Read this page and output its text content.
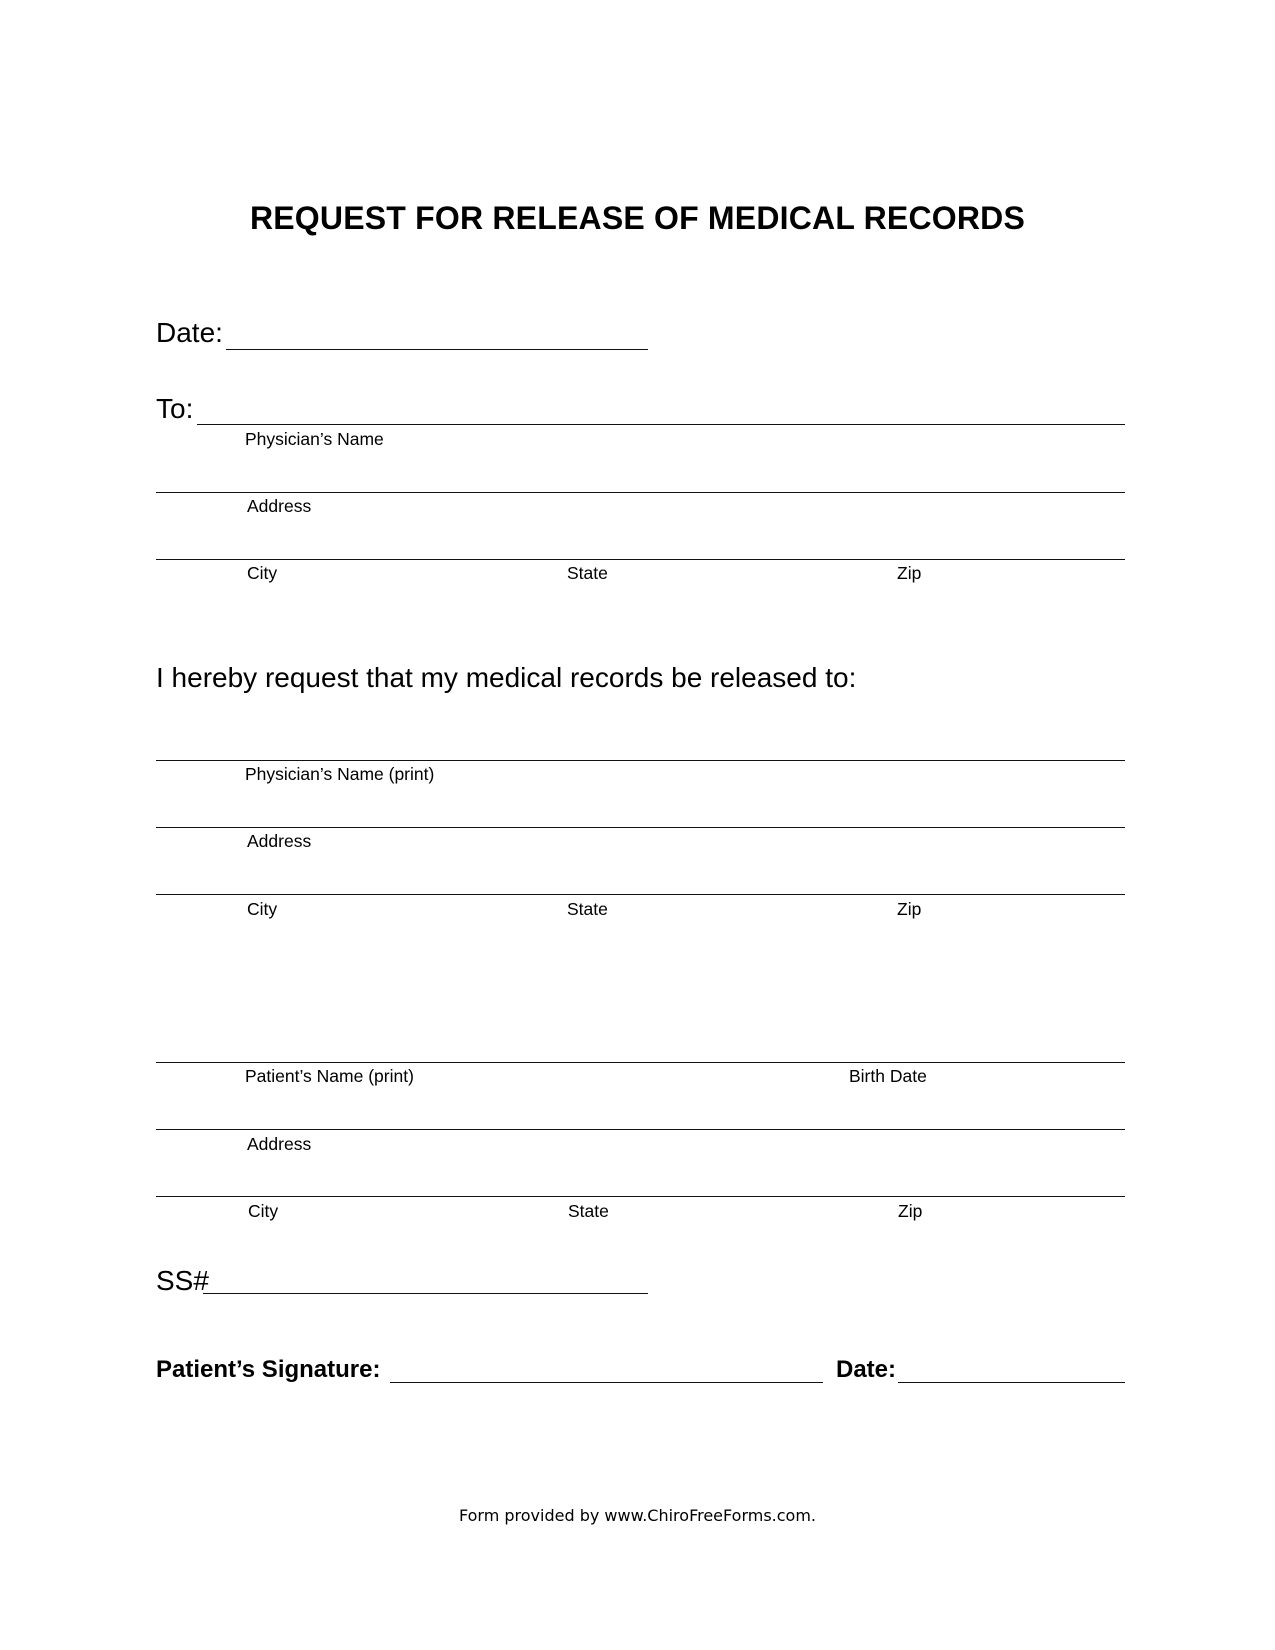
REQUEST FOR RELEASE OF MEDICAL RECORDS
Date:
To:
Physician’s Name
Address
City	State	Zip
I hereby request that my medical records be released to:
Physician’s Name (print)
Address
City	State	Zip
Patient’s Name (print)	Birth Date
Address
City	State	Zip
SS#
Patient’s Signature:	Date:
Form provided by www.ChiroFreeForms.com.
